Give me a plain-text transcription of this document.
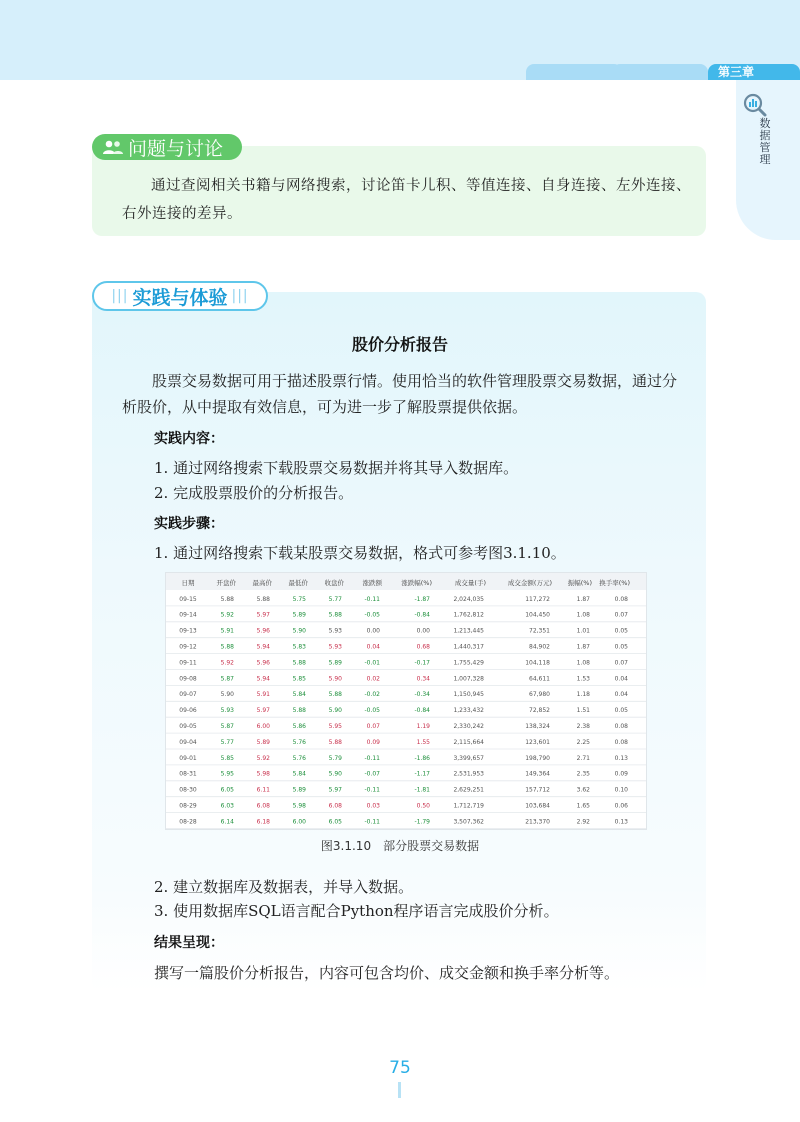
第三章
数据管理
问题与讨论
通过查阅相关书籍与网络搜索，讨论笛卡儿积、等值连接、自身连接、左外连接、右外连接的差异。
||| 实践与体验 |||
股价分析报告
股票交易数据可用于描述股票行情。使用恰当的软件管理股票交易数据，通过分析股价，从中提取有效信息，可为进一步了解股票提供依据。
实践内容：
1. 通过网络搜索下载股票交易数据并将其导入数据库。
2. 完成股票股价的分析报告。
实践步骤：
1. 通过网络搜索下载某股票交易数据，格式可参考图3.1.10。
日期	开盘价	最高价	最低价	收盘价	涨跌额	涨跌幅(%)	成交量(手)	成交金额(万元) 振幅(%) 换手率(%)
09-15	5.88	5.88	5.75	5.77	-0.11	-1.87	2,024,035	117,272	1.87	0.08
09-14	5.92	5.97	5.89	5.88	-0.05	-0.84	1,762,812	104,450	1.08	0.07
09-13	5.91	5.96	5.90	5.93	0.00	0.00	1,213,445	72,351	1.01	0.05
09-12	5.88	5.94	5.83	5.93	0.04	0.68	1,440,317	84,902	1.87	0.05
09-11	5.92	5.96	5.88	5.89	-0.01	-0.17	1,755,429	104,118	1.08	0.07
09-08	5.87	5.94	5.85	5.90	0.02	0.34	1,007,328	64,611	1.53	0.04
09-07	5.90	5.91	5.84	5.88	-0.02	-0.34	1,150,945	67,980	1.18	0.04
09-06	5.93	5.97	5.88	5.90	-0.05	-0.84	1,233,432	72,852	1.51	0.05
09-05	5.87	6.00	5.86	5.95	0.07	1.19	2,330,242	138,324	2.38	0.08
09-04	5.77	5.89	5.76	5.88	0.09	1.55	2,115,664	123,601	2.25	0.08
09-01	5.85	5.92	5.76	5.79	-0.11	-1.86	3,399,657	198,790	2.71	0.13
08-31	5.95	5.98	5.84	5.90	-0.07	-1.17	2,531,953	149,364	2.35	0.09
08-30	6.05	6.11	5.89	5.97	-0.11	-1.81	2,629,251	157,712	3.62	0.10
08-29	6.03	6.08	5.98	6.08	0.03	0.50	1,712,719	103,684	1.65	0.06
08-28	6.14	6.18	6.00	6.05	-0.11	-1.79	3,507,362	213,370	2.92	0.13
图3.1.10　部分股票交易数据
2. 建立数据库及数据表，并导入数据。
3. 使用数据库SQL语言配合Python程序语言完成股价分析。
结果呈现：
撰写一篇股价分析报告，内容可包含均价、成交金额和换手率分析等。
75
